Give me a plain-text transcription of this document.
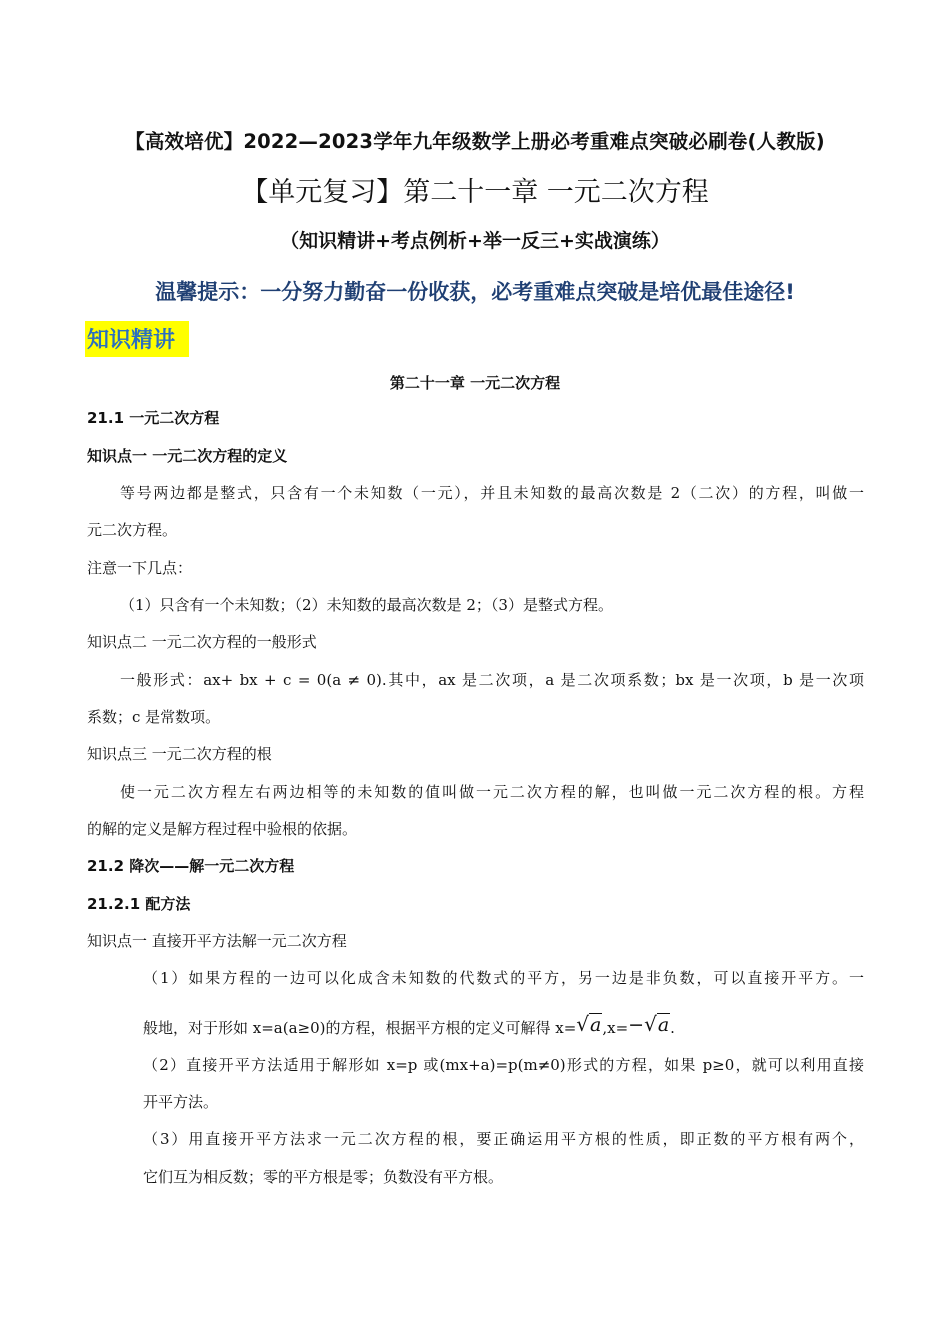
【高效培优】2022—2023学年九年级数学上册必考重难点突破必刷卷(人教版)
【单元复习】第二十一章 一元二次方程
（知识精讲+考点例析+举一反三+实战演练）
温馨提示：一分努力勤奋一份收获，必考重难点突破是培优最佳途径!
知识精讲
第二十一章 一元二次方程
21.1 一元二次方程
知识点一 一元二次方程的定义
等号两边都是整式，只含有一个未知数（一元），并且未知数的最高次数是 2（二次）的方程，叫做一
元二次方程。
注意一下几点：
（1）只含有一个未知数；（2）未知数的最高次数是 2；（3）是整式方程。
知识点二 一元二次方程的一般形式
一般形式：ax+ bx + c = 0(a ≠ 0).其中，ax 是二次项，a 是二次项系数；bx 是一次项，b 是一次项
系数；c 是常数项。
知识点三 一元二次方程的根
使一元二次方程左右两边相等的未知数的值叫做一元二次方程的解，也叫做一元二次方程的根。方程
的解的定义是解方程过程中验根的依据。
21.2 降次——解一元二次方程
21.2.1 配方法
知识点一 直接开平方法解一元二次方程
（1）如果方程的一边可以化成含未知数的代数式的平方，另一边是非负数，可以直接开平方。一
般地，对于形如 x=a(a≥0)的方程，根据平方根的定义可解得 x=√a,x=−√a.
（2）直接开平方法适用于解形如 x=p 或(mx+a)=p(m≠0)形式的方程，如果 p≥0，就可以利用直接
开平方法。
（3）用直接开平方法求一元二次方程的根，要正确运用平方根的性质，即正数的平方根有两个，
它们互为相反数；零的平方根是零；负数没有平方根。
